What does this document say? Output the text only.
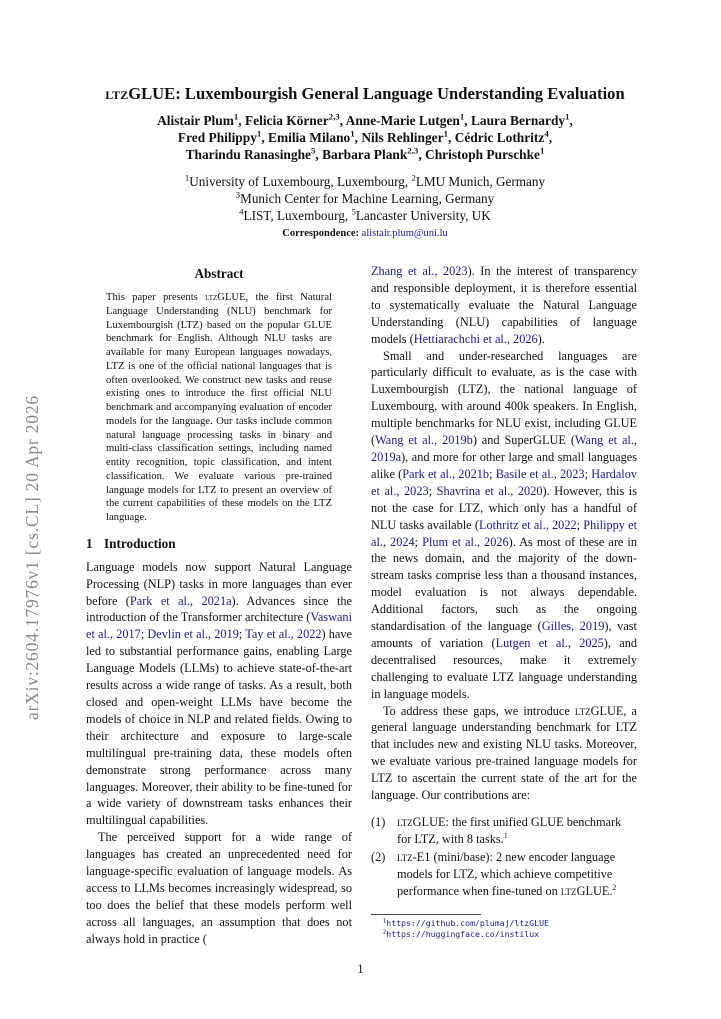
arXiv:2604.17976v1 [cs.CL] 20 Apr 2026
ltzGLUE: Luxembourgish General Language Understanding Evaluation
Alistair Plum$^1$, Felicia Körner$^{2,3}$, Anne-Marie Lutgen$^1$, Laura Bernardy$^1$,
Fred Philippy$^1$, Emilia Milano$^1$, Nils Rehlinger$^1$, Cédric Lothritz$^4$,
Tharindu Ranasinghe$^5$, Barbara Plank$^{2,3}$, Christoph Purschke$^1$
$^1$University of Luxembourg, Luxembourg, $^2$LMU Munich, Germany
$^3$Munich Center for Machine Learning, Germany
$^4$LIST, Luxembourg, $^5$Lancaster University, UK
Correspondence: alistair.plum@uni.lu
Abstract
This paper presents ltzGLUE, the first Natural Language Understanding (NLU) benchmark for Luxembourgish (LTZ) based on the popular GLUE benchmark for English. Although NLU tasks are available for many European languages nowadays, LTZ is one of the official national languages that is often overlooked. We construct new tasks and reuse existing ones to introduce the first official NLU benchmark and accompanying evaluation of encoder models for the language. Our tasks include common natural language processing tasks in binary and multi-class classification settings, including named entity recognition, topic classification, and intent classification. We evaluate various pre-trained language models for LTZ to present an overview of the current capabilities of these models on the LTZ language.
1 Introduction

Language models now support Natural Language Processing (NLP) tasks in more languages than ever before (Park et al., 2021a). Advances since the introduction of the Transformer architecture (Vaswani et al., 2017; Devlin et al., 2019; Tay et al., 2022) have led to substantial performance gains, enabling Large Language Models (LLMs) to achieve state-of-the-art results across a wide range of tasks. As a result, both closed and open-weight LLMs have become the models of choice in NLP and related fields. Owing to their architecture and exposure to large-scale multilingual pre-training data, these models often demonstrate strong performance across many languages. Moreover, their ability to be fine-tuned for a wide variety of downstream tasks enhances their multilingual capabilities.

The perceived support for a wide range of languages has created an unprecedented need for language-specific evaluation of language models. As access to LLMs becomes increasingly widespread, so too does the belief that these models perform well across all languages, an assumption that does not always hold in practice (

Zhang et al., 2023). In the interest of transparency and responsible deployment, it is therefore essential to systematically evaluate the Natural Language Understanding (NLU) capabilities of language models (Hettiarachchi et al., 2026).

Small and under-researched languages are particularly difficult to evaluate, as is the case with Luxembourgish (LTZ), the national language of Luxembourg, with around 400k speakers. In English, multiple benchmarks for NLU exist, including GLUE (Wang et al., 2019b) and SuperGLUE (Wang et al., 2019a), and more for other large and small languages alike (Park et al., 2021b; Basile et al., 2023; Hardalov et al., 2023; Shavrina et al., 2020). However, this is not the case for LTZ, which only has a handful of NLU tasks available (Lothritz et al., 2022; Philippy et al., 2024; Plum et al., 2026). As most of these are in the news domain, and the majority of the down-stream tasks comprise less than a thousand instances, model evaluation is not always dependable. Additional factors, such as the ongoing standardisation of the language (Gilles, 2019), vast amounts of variation (Lutgen et al., 2025), and decentralised resources, make it extremely challenging to evaluate LTZ language understanding in language models.

To address these gaps, we introduce ltzGLUE, a general language understanding benchmark for LTZ that includes new and existing NLU tasks. Moreover, we evaluate various pre-trained language models for LTZ to ascertain the current state of the art for the language. Our contributions are:

(1) ltzGLUE: the first unified GLUE benchmark for LTZ, with 8 tasks.$^1$
(2) ltz-E1 (mini/base): 2 new encoder language models for LTZ, which achieve competitive performance when fine-tuned on ltzGLUE.$^2$
$^1$https://github.com/plumaj/ltzGLUE
$^2$https://huggingface.co/instilux
1
